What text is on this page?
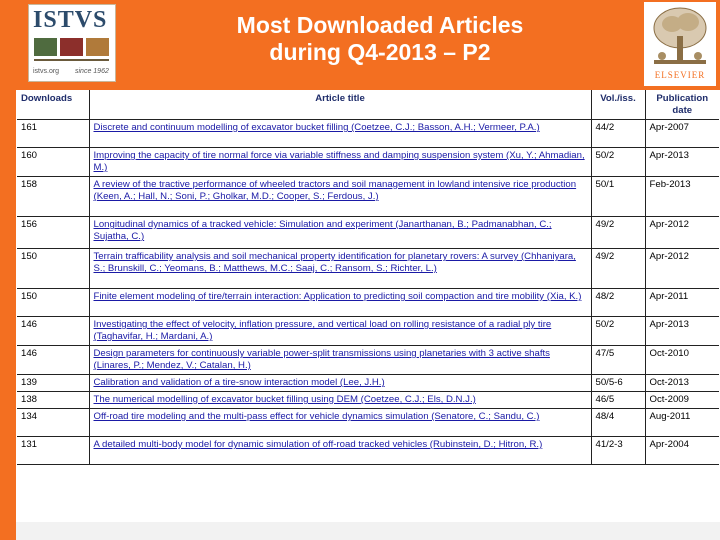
ISTVS
istvs.org since 1962
Most Downloaded Articles
during Q4-2013 – P2
ELSEVIER
Downloads	Article title	Vol./iss.	Publication date
161	Discrete and continuum modelling of excavator bucket filling (Coetzee, C.J.; Basson, A.H.; Vermeer, P.A.)	44/2	Apr-2007
160	Improving the capacity of tire normal force via variable stiffness and damping suspension system (Xu, Y.; Ahmadian, M.)	50/2	Apr-2013
158	A review of the tractive performance of wheeled tractors and soil management in lowland intensive rice production (Keen, A.; Hall, N.; Soni, P.; Gholkar, M.D.; Cooper, S.; Ferdous, J.)	50/1	Feb-2013
156	Longitudinal dynamics of a tracked vehicle: Simulation and experiment (Janarthanan, B.; Padmanabhan, C.; Sujatha, C.)	49/2	Apr-2012
150	Terrain trafficability analysis and soil mechanical property identification for planetary rovers: A survey (Chhaniyara, S.; Brunskill, C.; Yeomans, B.; Matthews, M.C.; Saaj, C.; Ransom, S.; Richter, L.)	49/2	Apr-2012
150	Finite element modeling of tire/terrain interaction: Application to predicting soil compaction and tire mobility (Xia, K.)	48/2	Apr-2011
146	Investigating the effect of velocity, inflation pressure, and vertical load on rolling resistance of a radial ply tire (Taghavifar, H.; Mardani, A.)	50/2	Apr-2013
146	Design parameters for continuously variable power-split transmissions using planetaries with 3 active shafts (Linares, P.; Mendez, V.; Catalan, H.)	47/5	Oct-2010
139	Calibration and validation of a tire-snow interaction model (Lee, J.H.)	50/5-6	Oct-2013
138	The numerical modelling of excavator bucket filling using DEM (Coetzee, C.J.; Els, D.N.J.)	46/5	Oct-2009
134	Off-road tire modeling and the multi-pass effect for vehicle dynamics simulation (Senatore, C.; Sandu, C.)	48/4	Aug-2011
131	A detailed multi-body model for dynamic simulation of off-road tracked vehicles (Rubinstein, D.; Hitron, R.)	41/2-3	Apr-2004
